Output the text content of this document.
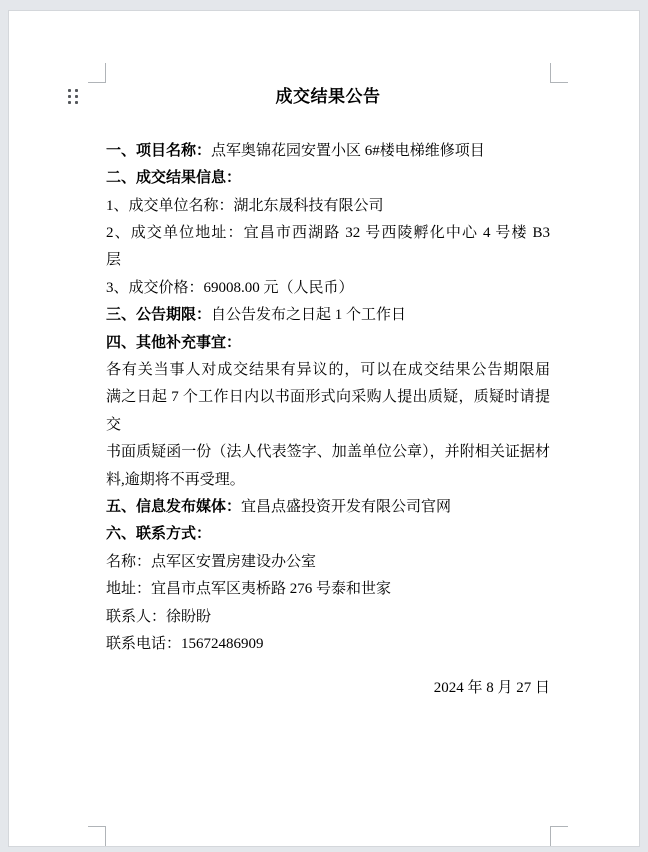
成交结果公告

一、项目名称：点军奥锦花园安置小区 6#楼电梯维修项目

二、成交结果信息：

1、成交单位名称：湖北东晟科技有限公司

2、成交单位地址：宜昌市西湖路 32 号西陵孵化中心 4 号楼 B3

层

3、成交价格：69008.00 元（人民币）

三、公告期限：自公告发布之日起 1 个工作日

四、其他补充事宜：

各有关当事人对成交结果有异议的，可以在成交结果公告期限届

满之日起 7 个工作日内以书面形式向采购人提出质疑，质疑时请提交

书面质疑函一份（法人代表签字、加盖单位公章），并附相关证据材

料,逾期将不再受理。

五、信息发布媒体：宜昌点盛投资开发有限公司官网

六、联系方式：

名称：点军区安置房建设办公室

地址：宜昌市点军区夷桥路 276 号泰和世家

联系人：徐盼盼

联系电话：15672486909

2024 年 8 月 27 日
